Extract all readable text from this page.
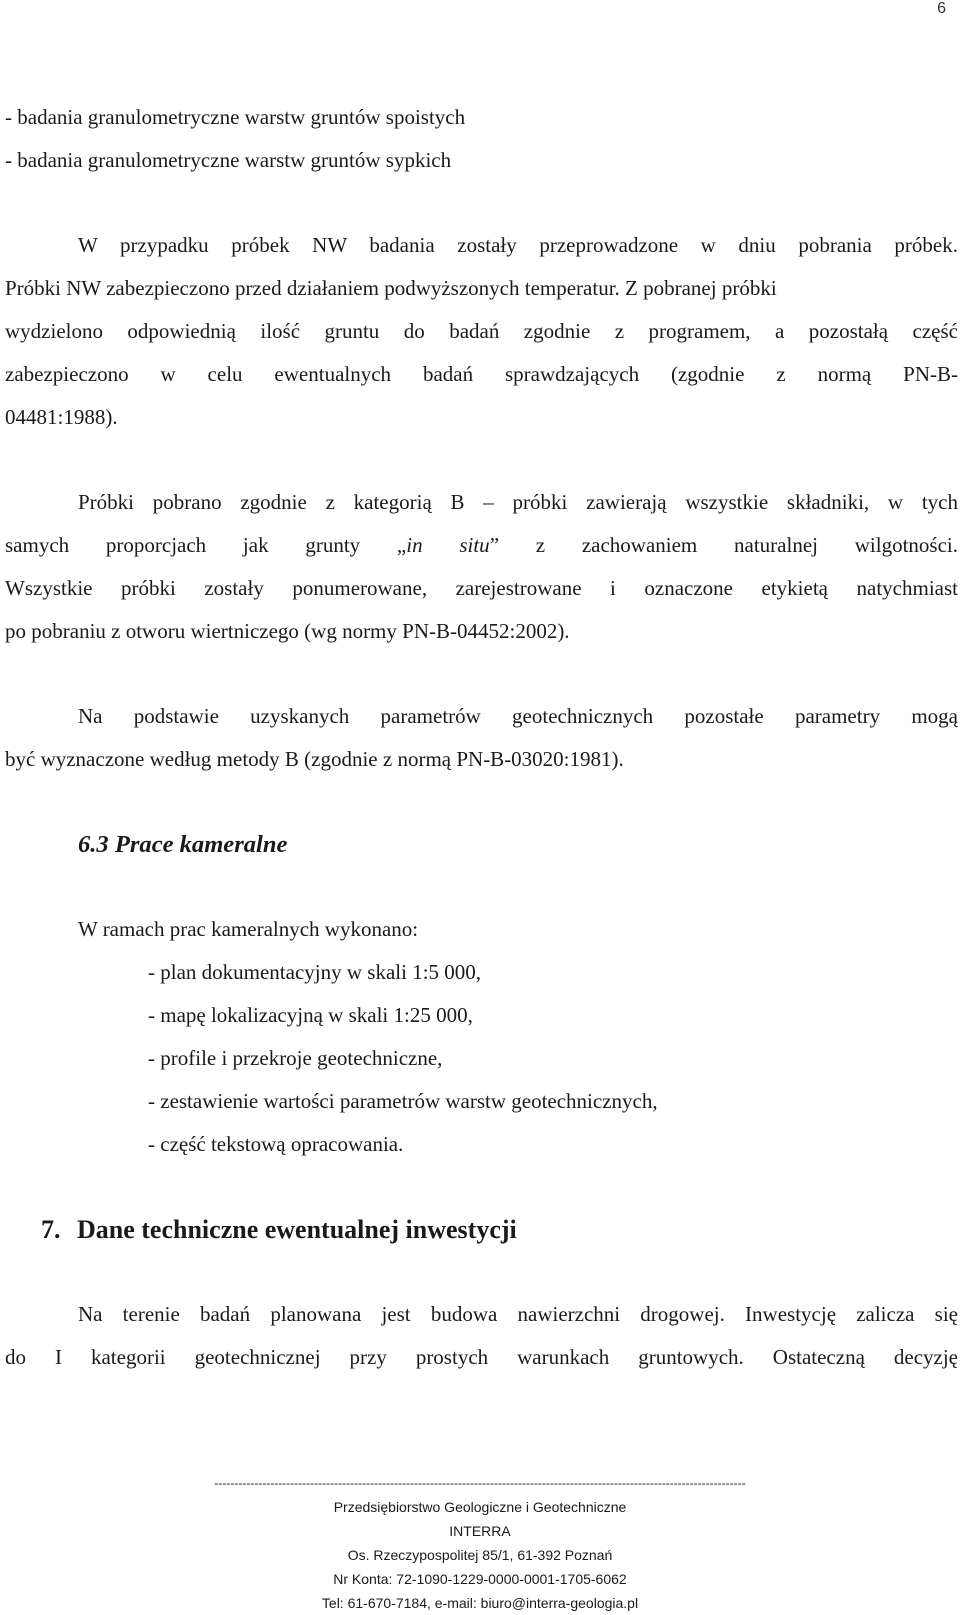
6
- badania granulometryczne warstw gruntów spoistych
- badania granulometryczne warstw gruntów sypkich
W przypadku próbek NW badania zostały przeprowadzone w dniu pobrania próbek.
Próbki NW zabezpieczono przed działaniem podwyższonych temperatur. Z pobranej próbki
wydzielono odpowiednią ilość gruntu do badań zgodnie z programem, a pozostałą część
zabezpieczono w celu ewentualnych badań sprawdzających (zgodnie z normą PN-B-
04481:1988).
Próbki pobrano zgodnie z kategorią B – próbki zawierają wszystkie składniki, w tych
samych proporcjach jak grunty „in situ” z zachowaniem naturalnej wilgotności.
Wszystkie próbki zostały ponumerowane, zarejestrowane i oznaczone etykietą natychmiast
po pobraniu z otworu wiertniczego (wg normy PN-B-04452:2002).
Na podstawie uzyskanych parametrów geotechnicznych pozostałe parametry mogą
być wyznaczone według metody B (zgodnie z normą PN-B-03020:1981).
6.3 Prace kameralne
W ramach prac kameralnych wykonano:
- plan dokumentacyjny w skali 1:5 000,
- mapę lokalizacyjną w skali 1:25 000,
- profile i przekroje geotechniczne,
- zestawienie wartości parametrów warstw geotechnicznych,
- część tekstową opracowania.
7. Dane techniczne ewentualnej inwestycji
Na terenie badań planowana jest budowa nawierzchni drogowej. Inwestycję zalicza się
do I kategorii geotechnicznej przy prostych warunkach gruntowych. Ostateczną decyzję
-------------------------------------------------------------------------------------------------------------------------------------
Przedsiębiorstwo Geologiczne i Geotechniczne
INTERRA
Os. Rzeczypospolitej 85/1, 61-392 Poznań
Nr Konta: 72-1090-1229-0000-0001-1705-6062
Tel: 61-670-7184, e-mail: biuro@interra-geologia.pl
